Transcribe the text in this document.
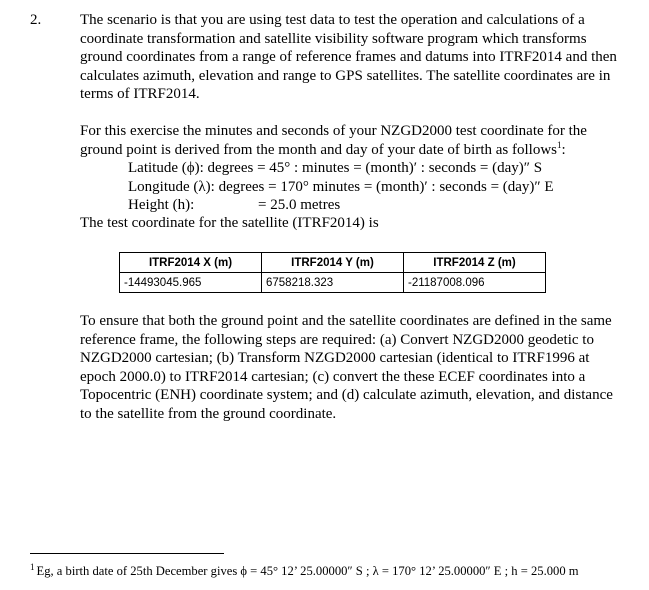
2.	The scenario is that you are using test data to test the operation and calculations of a coordinate transformation and satellite visibility software program which transforms ground coordinates from a range of reference frames and datums into ITRF2014 and then calculates azimuth, elevation and range to GPS satellites. The satellite coordinates are in terms of ITRF2014.

For this exercise the minutes and seconds of your NZGD2000 test coordinate for the ground point is derived from the month and day of your date of birth as follows$^1$:

Latitude (ϕ): degrees = 45° : minutes = (month)′ : seconds = (day)″ S
Longitude (λ): degrees = 170° minutes = (month)′ : seconds = (day)″ E
Height (h):	= 25.0 metres
The test coordinate for the satellite (ITRF2014) is
ITRF2014 X (m)	ITRF2014 Y (m)	ITRF2014 Z (m)
-14493045.965	6758218.323	-21187008.096

To ensure that both the ground point and the satellite coordinates are defined in the same reference frame, the following steps are required: (a) Convert NZGD2000 geodetic to NZGD2000 cartesian; (b) Transform NZGD2000 cartesian (identical to ITRF1996 at epoch 2000.0) to ITRF2014 cartesian; (c) convert the these ECEF coordinates into a Topocentric (ENH) coordinate system; and (d) calculate azimuth, elevation, and distance to the satellite from the ground coordinate.

$^1$ Eg, a birth date of 25th December gives ϕ = 45° 12’ 25.00000″ S ; λ = 170° 12’ 25.00000″ E ; h = 25.000 m
